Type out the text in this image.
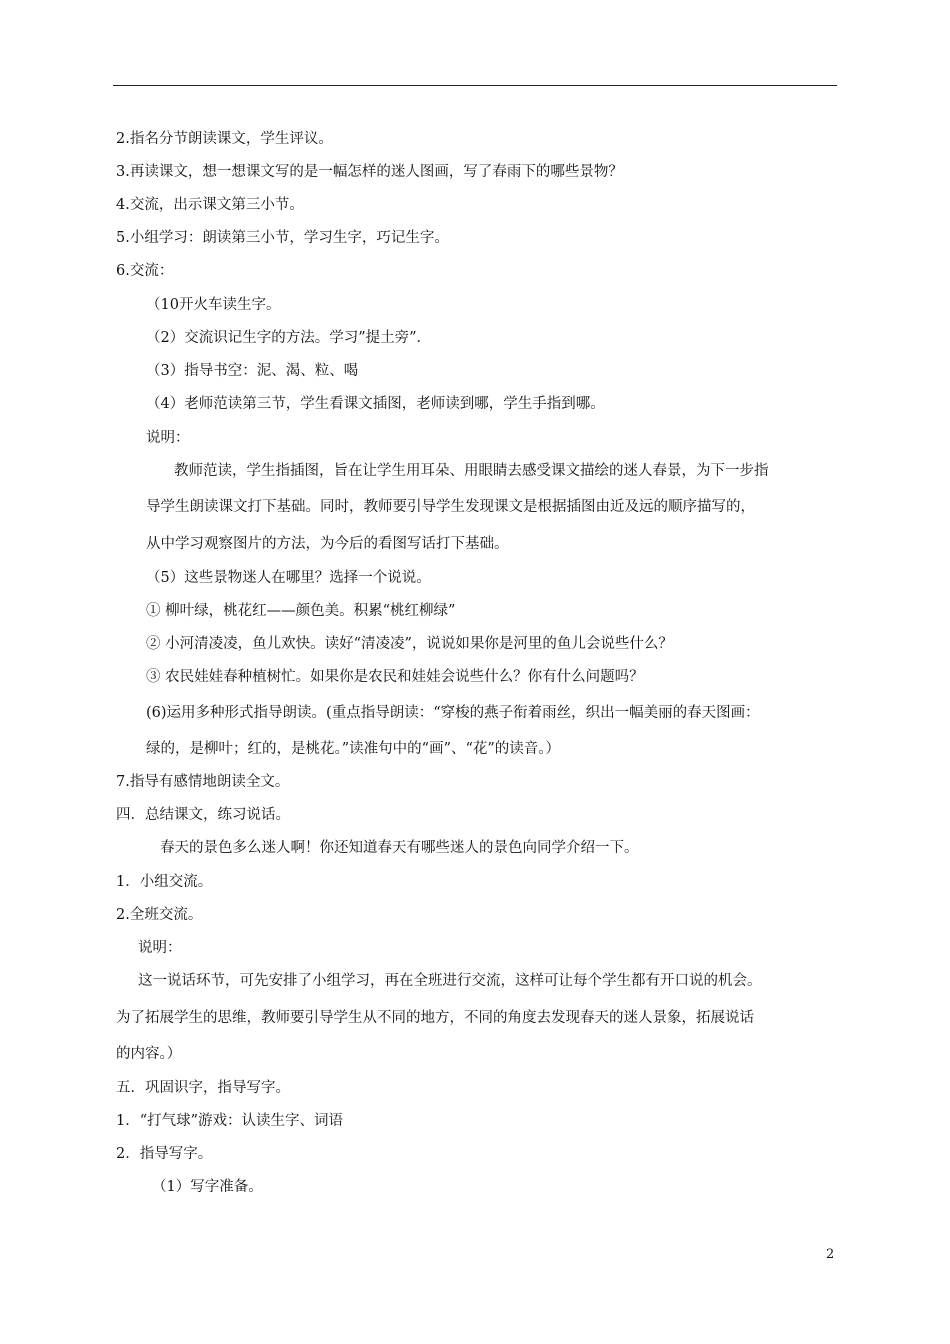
2.指名分节朗读课文，学生评议。
3.再读课文，想一想课文写的是一幅怎样的迷人图画，写了春雨下的哪些景物？
4.交流，出示课文第三小节。
5.小组学习：朗读第三小节，学习生字，巧记生字。
6.交流：
（10开火车读生字。
（2）交流识记生字的方法。学习”提土旁”．
（3）指导书空：泥、渴、粒、喝
（4）老师范读第三节，学生看课文插图，老师读到哪，学生手指到哪。
说明：
教师范读，学生指插图，旨在让学生用耳朵、用眼睛去感受课文描绘的迷人春景，为下一步指
导学生朗读课文打下基础。同时，教师要引导学生发现课文是根据插图由近及远的顺序描写的，
从中学习观察图片的方法，为今后的看图写话打下基础。
（5）这些景物迷人在哪里？选择一个说说。
① 柳叶绿，桃花红——颜色美。积累“桃红柳绿”
② 小河清凌凌，鱼儿欢快。读好“清凌凌”，说说如果你是河里的鱼儿会说些什么？
③ 农民娃娃春种植树忙。如果你是农民和娃娃会说些什么？你有什么问题吗？
(6)运用多种形式指导朗读。(重点指导朗读：“穿梭的燕子衔着雨丝，织出一幅美丽的春天图画：
绿的，是柳叶；红的，是桃花。”读准句中的“画”、“花”的读音。）
7.指导有感情地朗读全文。
四．总结课文，练习说话。
春天的景色多么迷人啊！你还知道春天有哪些迷人的景色向同学介绍一下。
1．小组交流。
2.全班交流。
说明：
这一说话环节，可先安排了小组学习，再在全班进行交流，这样可让每个学生都有开口说的机会。
为了拓展学生的思维，教师要引导学生从不同的地方，不同的角度去发现春天的迷人景象，拓展说话
的内容。）
五．巩固识字，指导写字。
1．“打气球”游戏：认读生字、词语
2．指导写字。
（1）写字准备。
2
